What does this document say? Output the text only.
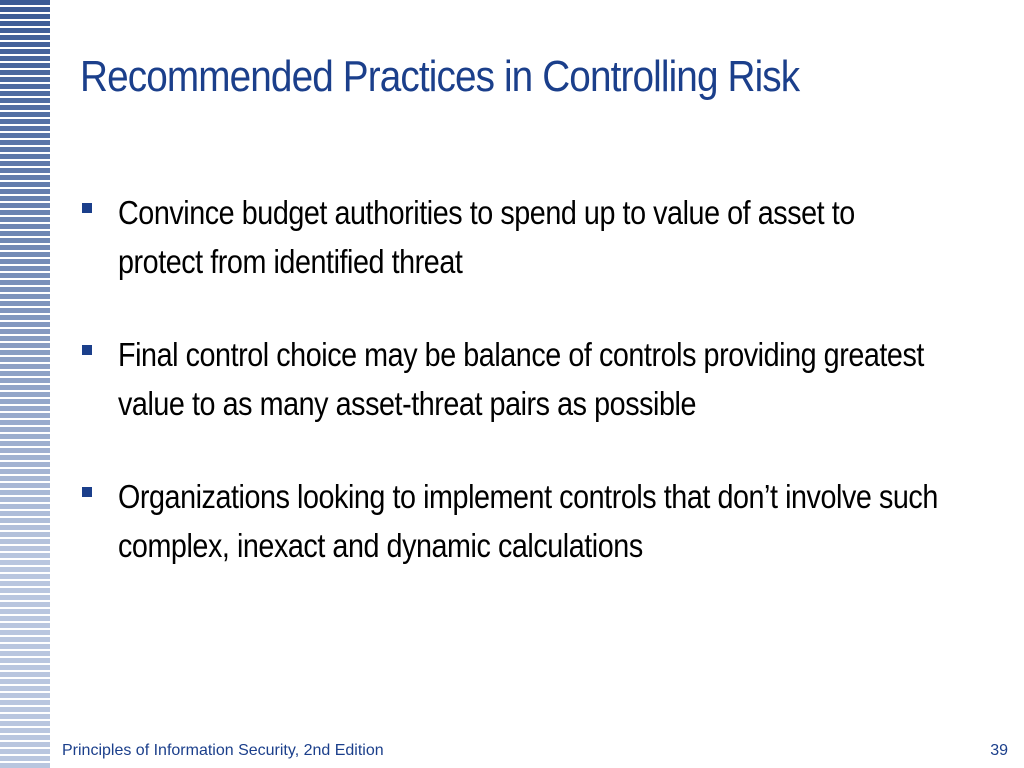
Recommended Practices in Controlling Risk
Convince budget authorities to spend up to value of asset to protect from identified threat
Final control choice may be balance of controls providing greatest value to as many asset-threat pairs as possible
Organizations looking to implement controls that don’t involve such complex, inexact and dynamic calculations
Principles of Information Security, 2nd Edition	39
